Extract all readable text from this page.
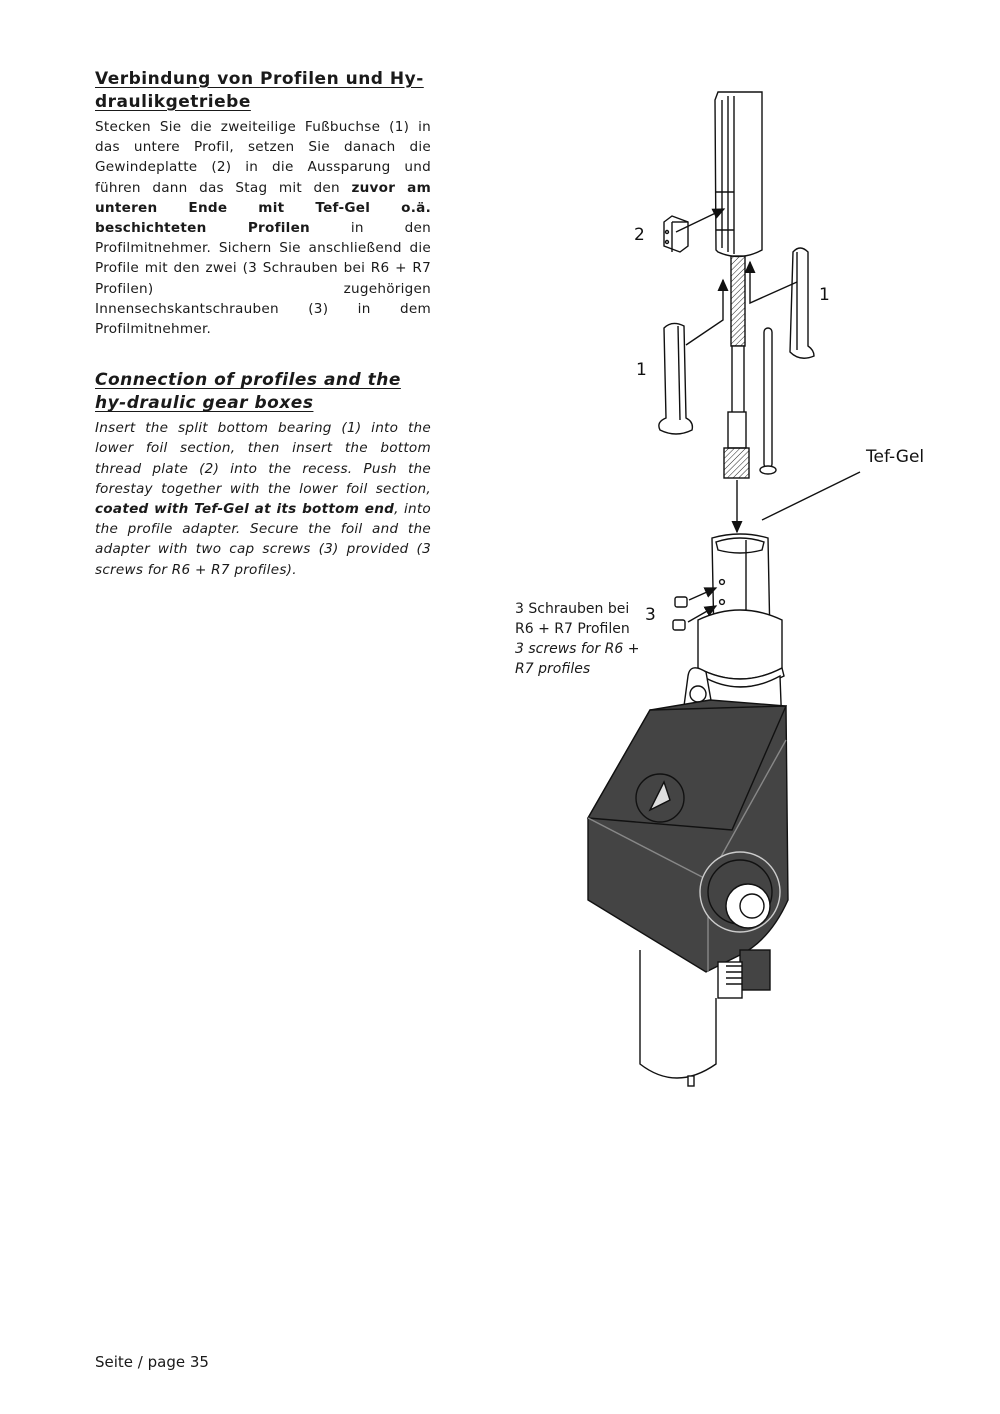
Verbindung von Profilen und Hy-draulikgetriebe

Stecken Sie die zweiteilige Fußbuchse (1) in das untere Profil, setzen Sie danach die Gewindeplatte (2) in die Aussparung und führen dann das Stag mit den zuvor am unteren Ende mit Tef-Gel o.ä. beschichteten Profilen in den Profilmitnehmer. Sichern Sie anschließend die Profile mit den zwei (3 Schrauben bei R6 + R7 Profilen) zugehörigen Innensechskantschrauben (3) in dem Profilmitnehmer.

Connection of profiles and the hy-draulic gear boxes

Insert the split bottom bearing (1) into the lower foil section, then insert the bottom thread plate (2) into the recess. Push the forestay together with the lower foil section, coated with Tef-Gel at its bottom end, into the profile adapter. Secure the foil and the adapter with two cap screws (3) provided (3 screws for R6 + R7 profiles).

2
1
1
Tef-Gel
3
3 Schrauben bei
R6 + R7 Profilen
3 screws for R6 +
R7 profiles
Seite / page 35
